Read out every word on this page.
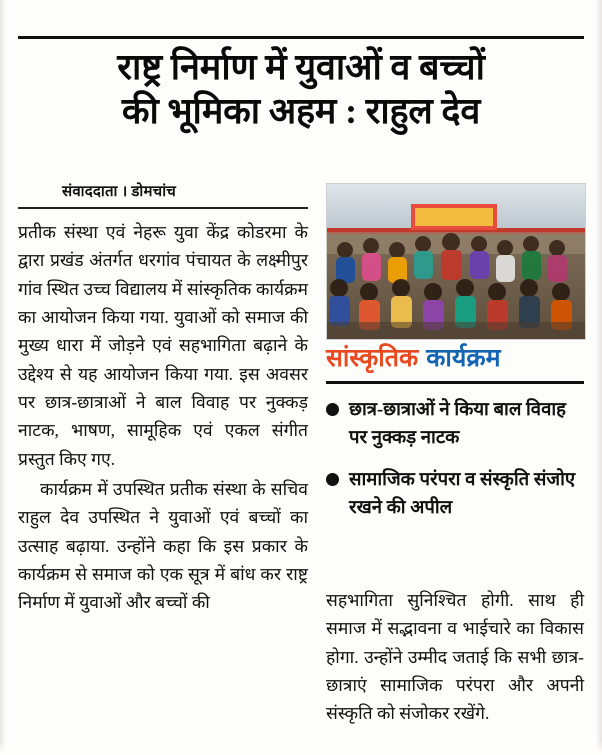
राष्ट्र निर्माण में युवाओं व बच्चों
की भूमिका अहम : राहुल देव
संवाददाता । डोमचांच

प्रतीक संस्था एवं नेहरू युवा केंद्र कोडरमा के द्वारा प्रखंड अंतर्गत धरगांव पंचायत के लक्ष्मीपुर गांव स्थित उच्च विद्यालय में सांस्कृतिक कार्यक्रम का आयोजन किया गया. युवाओं को समाज की मुख्य धारा में जोड़ने एवं सहभागिता बढ़ाने के उद्देश्य से यह आयोजन किया गया. इस अवसर पर छात्र-छात्राओं ने बाल विवाह पर नुक्कड़ नाटक, भाषण, सामूहिक एवं एकल संगीत प्रस्तुत किए गए.

कार्यक्रम में उपस्थित प्रतीक संस्था के सचिव राहुल देव उपस्थित ने युवाओं एवं बच्चों का उत्साह बढ़ाया. उन्होंने कहा कि इस प्रकार के कार्यक्रम से समाज को एक सूत्र में बांध कर राष्ट्र निर्माण में युवाओं और बच्चों की

सांस्कृतिक कार्यक्रम
छात्र-छात्राओं ने किया बाल विवाह पर नुक्कड़ नाटक
सामाजिक परंपरा व संस्कृति संजोए रखने की अपील

सहभागिता सुनिश्चित होगी. साथ ही समाज में सद्भावना व भाईचारे का विकास होगा. उन्होंने उम्मीद जताई कि सभी छात्र-छात्राएं सामाजिक परंपरा और अपनी संस्कृति को संजोकर रखेंगे.
